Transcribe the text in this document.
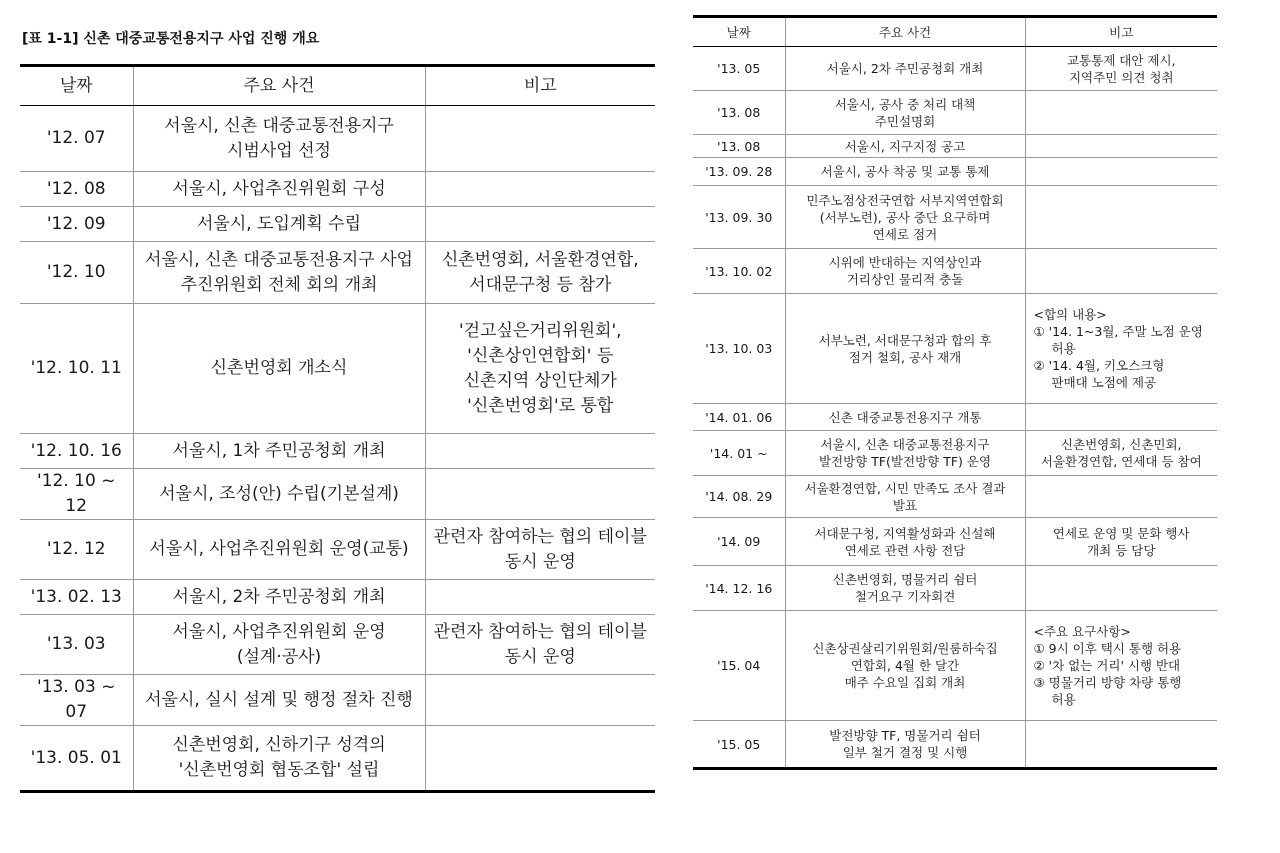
[표 1-1] 신촌 대중교통전용지구 사업 진행 개요
날짜	주요 사건	비고
'12. 07	서울시, 신촌 대중교통전용지구
시범사업 선정	

'12. 08	서울시, 사업추진위원회 구성	

'12. 09	서울시, 도입계획 수립	

'12. 10	서울시, 신촌 대중교통전용지구 사업
추진위원회 전체 회의 개최	신촌번영회, 서울환경연합,
서대문구청 등 참가

'12. 10. 11	신촌번영회 개소식	'걷고싶은거리위원회',
'신촌상인연합회' 등
신촌지역 상인단체가
'신촌번영회'로 통합

'12. 10. 16	서울시, 1차 주민공청회 개최	

'12. 10 ~ 12	서울시, 조성(안) 수립(기본설계)	

'12. 12	서울시, 사업추진위원회 운영(교통)	관련자 참여하는 협의 테이블
동시 운영

'13. 02. 13	서울시, 2차 주민공청회 개최	

'13. 03	서울시, 사업추진위원회 운영
(설계·공사)	관련자 참여하는 협의 테이블
동시 운영

'13. 03 ~ 07	서울시, 실시 설계 및 행정 절차 진행	

'13. 05. 01	신촌번영회, 신하기구 성격의
'신촌번영회 협동조합' 설립	

날짜	주요 사건	비고
'13. 05	서울시, 2차 주민공청회 개최	교통통제 대안 제시,
지역주민 의견 청취

'13. 08	서울시, 공사 중 처리 대책
주민설명회	

'13. 08	서울시, 지구지정 공고	

'13. 09. 28	서울시, 공사 착공 및 교통 통제	

'13. 09. 30	민주노점상전국연합 서부지역연합회
(서부노련), 공사 중단 요구하며
연세로 점거	

'13. 10. 02	시위에 반대하는 지역상인과
거리상인 물리적 충돌	

'13. 10. 03	서부노련, 서대문구청과 합의 후
점거 철회, 공사 재개	<합의 내용>
① '14. 1~3월, 주말 노점 운영
허용
② '14. 4월, 키오스크형
판매대 노점에 제공

'14. 01. 06	신촌 대중교통전용지구 개통	

'14. 01 ~	서울시, 신촌 대중교통전용지구
발전방향 TF(발전방향 TF) 운영	신촌번영회, 신촌민회,
서울환경연합, 연세대 등 참여

'14. 08. 29	서울환경연합, 시민 만족도 조사 결과
발표	

'14. 09	서대문구청, 지역활성화과 신설해
연세로 관련 사항 전담	연세로 운영 및 문화 행사
개최 등 담당

'14. 12. 16	신촌번영회, 명물거리 쉼터
철거요구 기자회견	

'15. 04	신촌상권살리기위원회/원룸하숙집
연합회, 4월 한 달간
매주 수요일 집회 개최	<주요 요구사항>
① 9시 이후 택시 통행 허용
② '차 없는 거리' 시행 반대
③ 명물거리 방향 차량 통행
허용

'15. 05	발전방향 TF, 명물거리 쉼터
일부 철거 결정 및 시행	
